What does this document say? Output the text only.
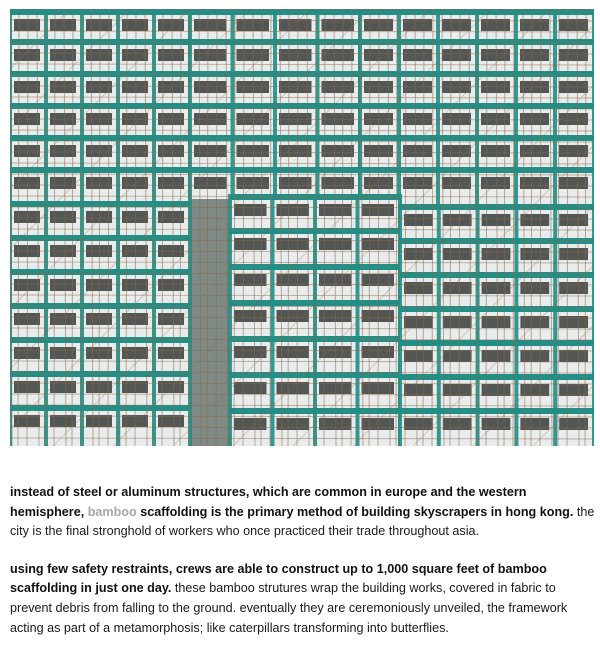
instead of steel or aluminum structures, which are common in europe and the western hemisphere, bamboo scaffolding is the primary method of building skyscrapers in hong kong. the city is the final stronghold of workers who once practiced their trade throughout asia.

using few safety restraints, crews are able to construct up to 1,000 square feet of bamboo scaffolding in just one day. these bamboo strutures wrap the building works, covered in fabric to prevent debris from falling to the ground. eventually they are ceremoniously unveiled, the framework acting as part of a metamorphosis; like caterpillars transforming into butterflies.
